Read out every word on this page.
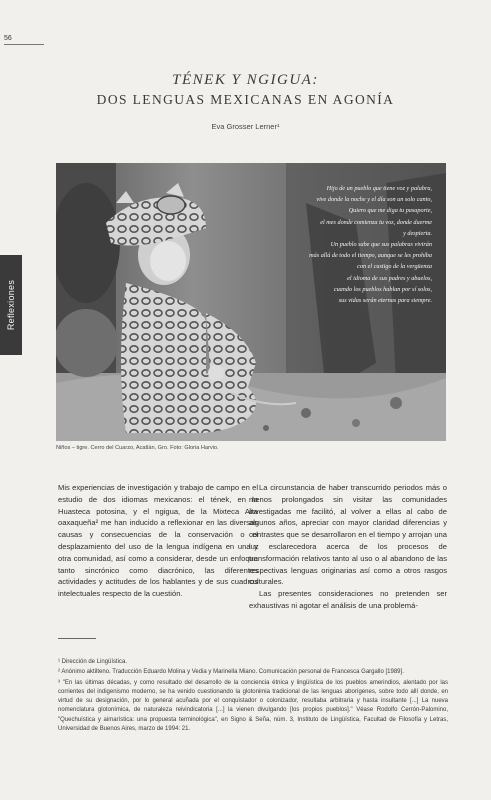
56
Reflexiones
TÉNEK Y NGIGUA:
DOS LENGUAS MEXICANAS EN AGONÍA
Eva Grosser Lerner¹
Hijo de un pueblo que tiene voz y palabra,
vive donde la noche y el día son un solo canto,
Quiero que me diga tu pasaporte,
el mes donde comienza tu voz, donde duerme
y despierta.
Un pueblo sabe que sus palabras vivirán
más allá de todo el tiempo, aunque se les prohíba
con el castigo de la vergüenza
el idioma de sus padres y abuelos,
cuando los pueblos hablan por sí solos,
sus vidas serán eternas para siempre.
Niños – tigre. Cerro del Cuarzo, Acatlán, Gro. Foto: Gloria Harvio.

Mis experiencias de investigación y trabajo de campo en el estudio de dos idiomas mexicanos: el tének, en la Huasteca potosina, y el ngigua, de la Mixteca Alta oaxaqueña² me han inducido a reflexionar en las diversas causas y consecuencias de la conservación o el desplazamiento del uso de la lengua indígena en una y otra comunidad, así como a considerar, desde un enfoque tanto sincrónico como diacrónico, las diferentes actividades y actitudes de los hablantes y de sus cuadros intelectuales respecto de la cuestión.

La circunstancia de haber transcurrido periodos más o menos prolongados sin visitar las comunidades investigadas me facilitó, al volver a ellas al cabo de algunos años, apreciar con mayor claridad diferencias y contrastes que se desarrollaron en el tiempo y arrojan una luz esclarecedora acerca de los procesos de transformación relativos tanto al uso o al abandono de las respectivas lenguas originarias así como a otros rasgos culturales.

Las presentes consideraciones no pretenden ser exhaustivas ni agotar el análisis de una problemá-

¹ Dirección de Lingüística.

² Anónimo aktilteno. Traducción Eduardo Molina y Vedia y Marinella Miano. Comunicación personal de Francesca Gargallo [1989].

³ "En las últimas décadas, y como resultado del desarrollo de la conciencia étnica y lingüística de los pueblos amerindios, alentado por las corrientes del indigenismo moderno, se ha venido cuestionando la glotonimia tradicional de las lenguas aborígenes, sobre todo allí donde, en virtud de su designación, por lo general acuñada por el conquistador o colonizador, resultaba arbitraria y hasta insultante [...] La nueva nomenclatura glotonímica, de naturaleza reivindicatoria [...] la vienen divulgando [los propios pueblos]." Véase Rodolfo Cerrón-Palomino, "Quechuística y aimarística: una propuesta terminológica", en Signo & Seña, núm. 3, Instituto de Lingüística, Facultad de Filosofía y Letras, Universidad de Buenos Aires, marzo de 1994: 21.
